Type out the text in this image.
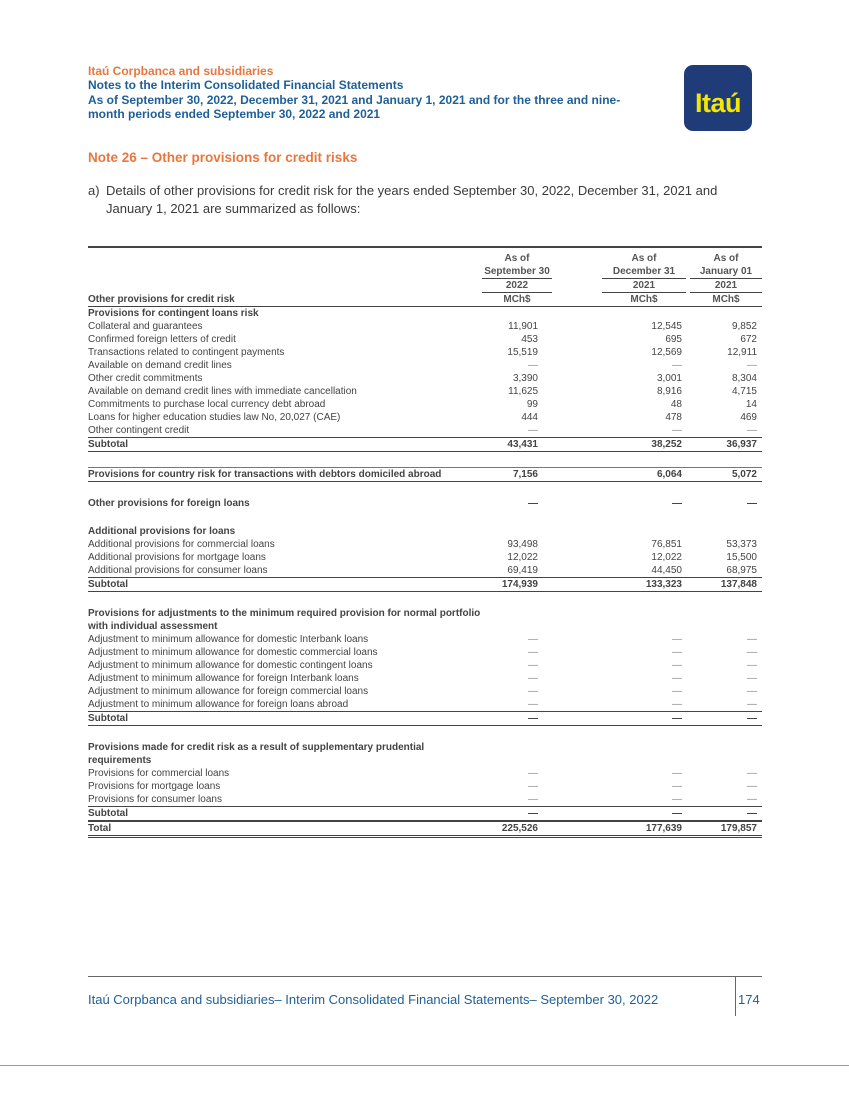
Itaú Corpbanca and subsidiaries
Notes to the Interim Consolidated Financial Statements
As of September 30, 2022, December 31, 2021 and January 1, 2021 and for the three and nine-
month periods ended September 30, 2022 and 2021	Itaú
Note 26 – Other provisions for credit risks
a) Details of other provisions for credit risk for the years ended September 30, 2022, December 31, 2021 and January 1, 2021 are summarized as follows:
As of	As of	As of
September 30	December 31	January 01
2022	2021	2021
Other provisions for credit risk	MCh$	MCh$	MCh$
Provisions for contingent loans risk
Collateral and guarantees	11,901	12,545	9,852
Confirmed foreign letters of credit	453	695	672
Transactions related to contingent payments	15,519	12,569	12,911
Available on demand credit lines	—	—	—
Other credit commitments	3,390	3,001	8,304
Available on demand credit lines with immediate cancellation	11,625	8,916	4,715
Commitments to purchase local currency debt abroad	99	48	14
Loans for higher education studies law No, 20,027 (CAE)	444	478	469
Other contingent credit	—	—	—
Subtotal	43,431	38,252	36,937
Provisions for country risk for transactions with debtors domiciled abroad	7,156	6,064	5,072
Other provisions for foreign loans	—	—	—
Additional provisions for loans
Additional provisions for commercial loans	93,498	76,851	53,373
Additional provisions for mortgage loans	12,022	12,022	15,500
Additional provisions for consumer loans	69,419	44,450	68,975
Subtotal	174,939	133,323	137,848
Provisions for adjustments to the minimum required provision for normal portfolio with individual assessment
Adjustment to minimum allowance for domestic Interbank loans	—	—	—
Adjustment to minimum allowance for domestic commercial loans	—	—	—
Adjustment to minimum allowance for domestic contingent loans	—	—	—
Adjustment to minimum allowance for foreign Interbank loans	—	—	—
Adjustment to minimum allowance for foreign commercial loans	—	—	—
Adjustment to minimum allowance for foreign loans abroad	—	—	—
Subtotal	—	—	—
Provisions made for credit risk as a result of supplementary prudential requirements
Provisions for commercial loans	—	—	—
Provisions for mortgage loans	—	—	—
Provisions for consumer loans	—	—	—
Subtotal	—	—	—
Total	225,526	177,639	179,857
Itaú Corpbanca and subsidiaries– Interim Consolidated Financial Statements– September 30, 2022	174
